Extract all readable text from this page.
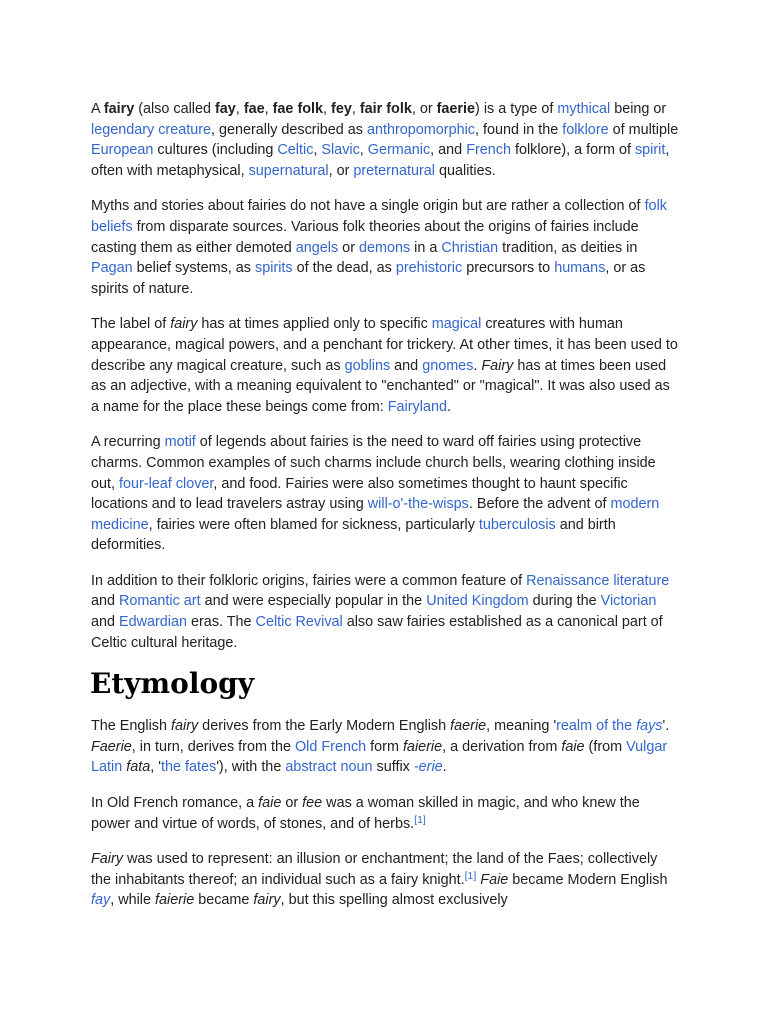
A fairy (also called fay, fae, fae folk, fey, fair folk, or faerie) is a type of mythical being or legendary creature, generally described as anthropomorphic, found in the folklore of multiple European cultures (including Celtic, Slavic, Germanic, and French folklore), a form of spirit, often with metaphysical, supernatural, or preternatural qualities.

Myths and stories about fairies do not have a single origin but are rather a collection of folk beliefs from disparate sources. Various folk theories about the origins of fairies include casting them as either demoted angels or demons in a Christian tradition, as deities in Pagan belief systems, as spirits of the dead, as prehistoric precursors to humans, or as spirits of nature.

The label of fairy has at times applied only to specific magical creatures with human appearance, magical powers, and a penchant for trickery. At other times, it has been used to describe any magical creature, such as goblins and gnomes. Fairy has at times been used as an adjective, with a meaning equivalent to "enchanted" or "magical". It was also used as a name for the place these beings come from: Fairyland.

A recurring motif of legends about fairies is the need to ward off fairies using protective charms. Common examples of such charms include church bells, wearing clothing inside out, four-leaf clover, and food. Fairies were also sometimes thought to haunt specific locations and to lead travelers astray using will-o'-the-wisps. Before the advent of modern medicine, fairies were often blamed for sickness, particularly tuberculosis and birth deformities.

In addition to their folkloric origins, fairies were a common feature of Renaissance literature and Romantic art and were especially popular in the United Kingdom during the Victorian and Edwardian eras. The Celtic Revival also saw fairies established as a canonical part of Celtic cultural heritage.

Etymology

The English fairy derives from the Early Modern English faerie, meaning 'realm of the fays'. Faerie, in turn, derives from the Old French form faierie, a derivation from faie (from Vulgar Latin fata, 'the fates'), with the abstract noun suffix -erie.

In Old French romance, a faie or fee was a woman skilled in magic, and who knew the power and virtue of words, of stones, and of herbs.[1]

Fairy was used to represent: an illusion or enchantment; the land of the Faes; collectively the inhabitants thereof; an individual such as a fairy knight.[1] Faie became Modern English fay, while faierie became fairy, but this spelling almost exclusively
